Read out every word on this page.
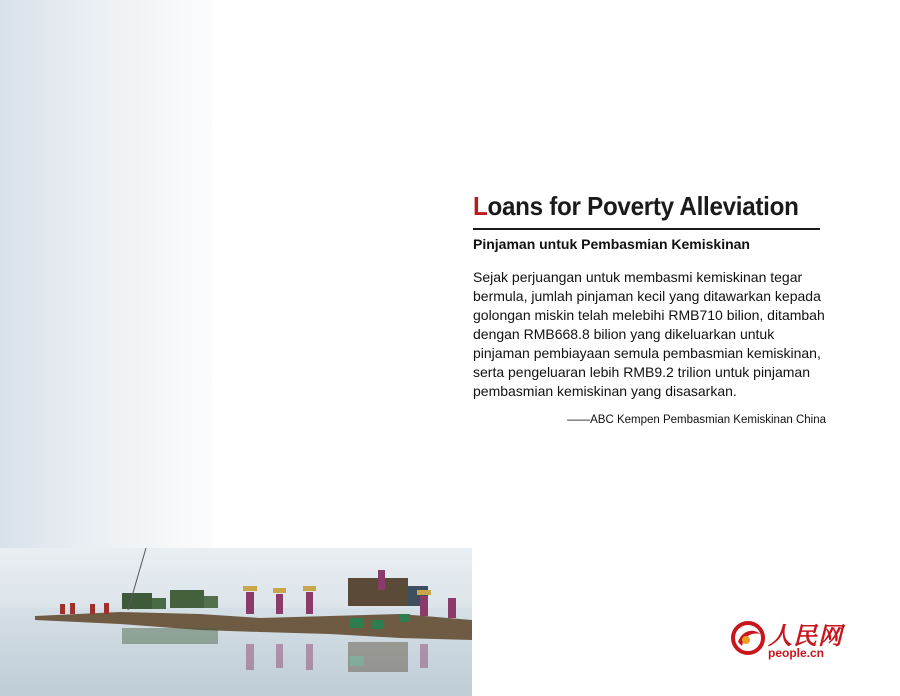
Loans for Poverty Alleviation

Pinjaman untuk Pembasmian Kemiskinan

Sejak perjuangan untuk membasmi kemiskinan tegar bermula, jumlah pinjaman kecil yang ditawarkan kepada golongan miskin telah melebihi RMB710 bilion, ditambah dengan RMB668.8 bilion yang dikeluarkan untuk pinjaman pembiayaan semula pembasmian kemiskinan, serta pengeluaran lebih RMB9.2 trilion untuk pinjaman pembasmian kemiskinan yang disasarkan.

——ABC Kempen Pembasmian Kemiskinan China

人民网
people.cn
